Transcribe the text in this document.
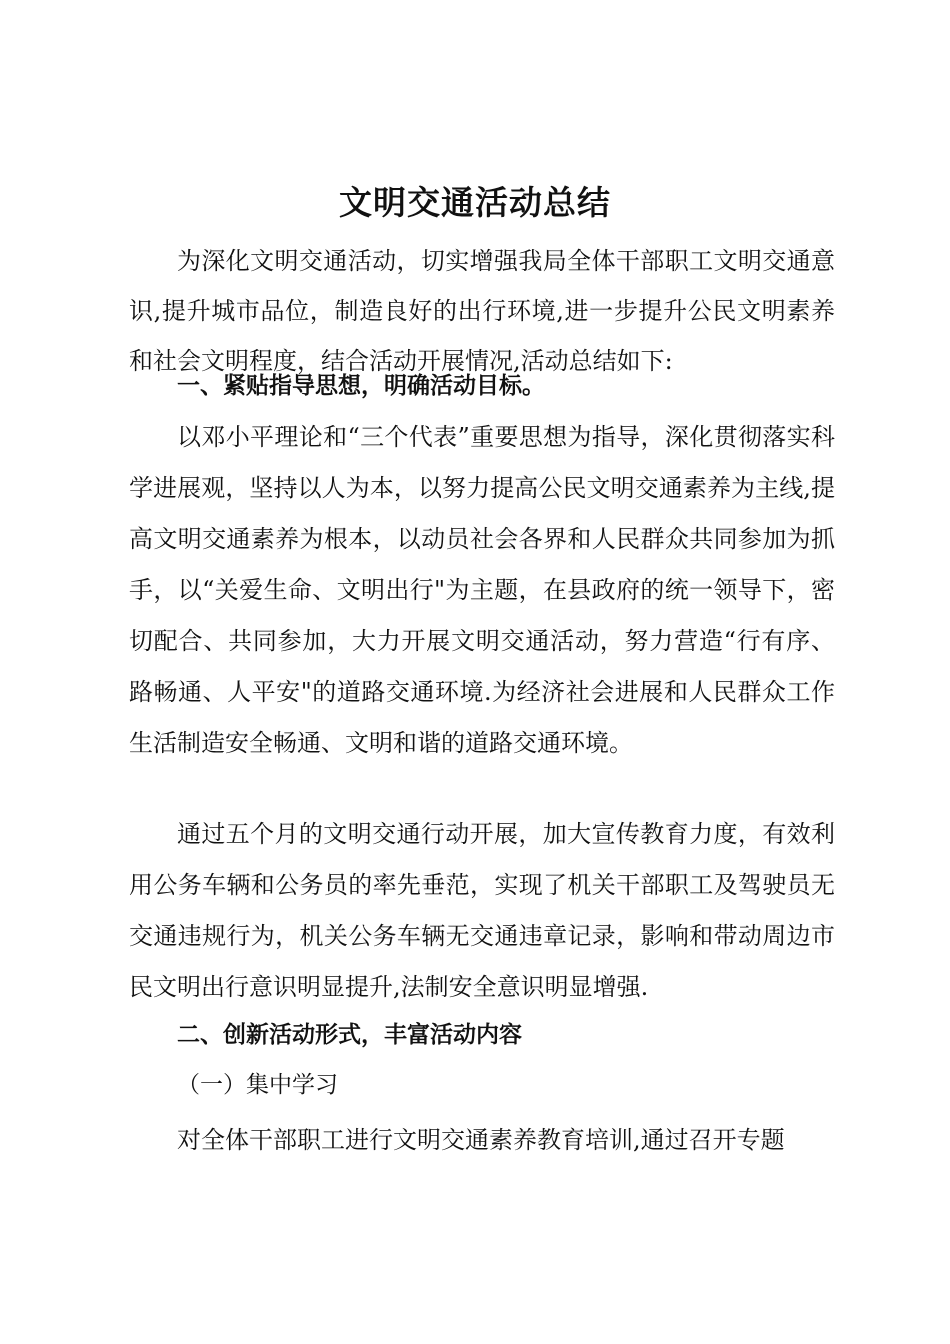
文明交通活动总结
为深化文明交通活动，切实增强我局全体干部职工文明交通意识,提升城市品位，制造良好的出行环境,进一步提升公民文明素养和社会文明程度，结合活动开展情况,活动总结如下:
一、紧贴指导思想，明确活动目标。
以邓小平理论和“三个代表”重要思想为指导，深化贯彻落实科学进展观，坚持以人为本，以努力提高公民文明交通素养为主线,提高文明交通素养为根本，以动员社会各界和人民群众共同参加为抓手，以“关爱生命、文明出行"为主题，在县政府的统一领导下，密切配合、共同参加，大力开展文明交通活动，努力营造“行有序、路畅通、人平安"的道路交通环境.为经济社会进展和人民群众工作生活制造安全畅通、文明和谐的道路交通环境。
通过五个月的文明交通行动开展，加大宣传教育力度，有效利用公务车辆和公务员的率先垂范，实现了机关干部职工及驾驶员无交通违规行为，机关公务车辆无交通违章记录，影响和带动周边市民文明出行意识明显提升,法制安全意识明显增强.
二、创新活动形式，丰富活动内容
（一）集中学习
对全体干部职工进行文明交通素养教育培训,通过召开专题
